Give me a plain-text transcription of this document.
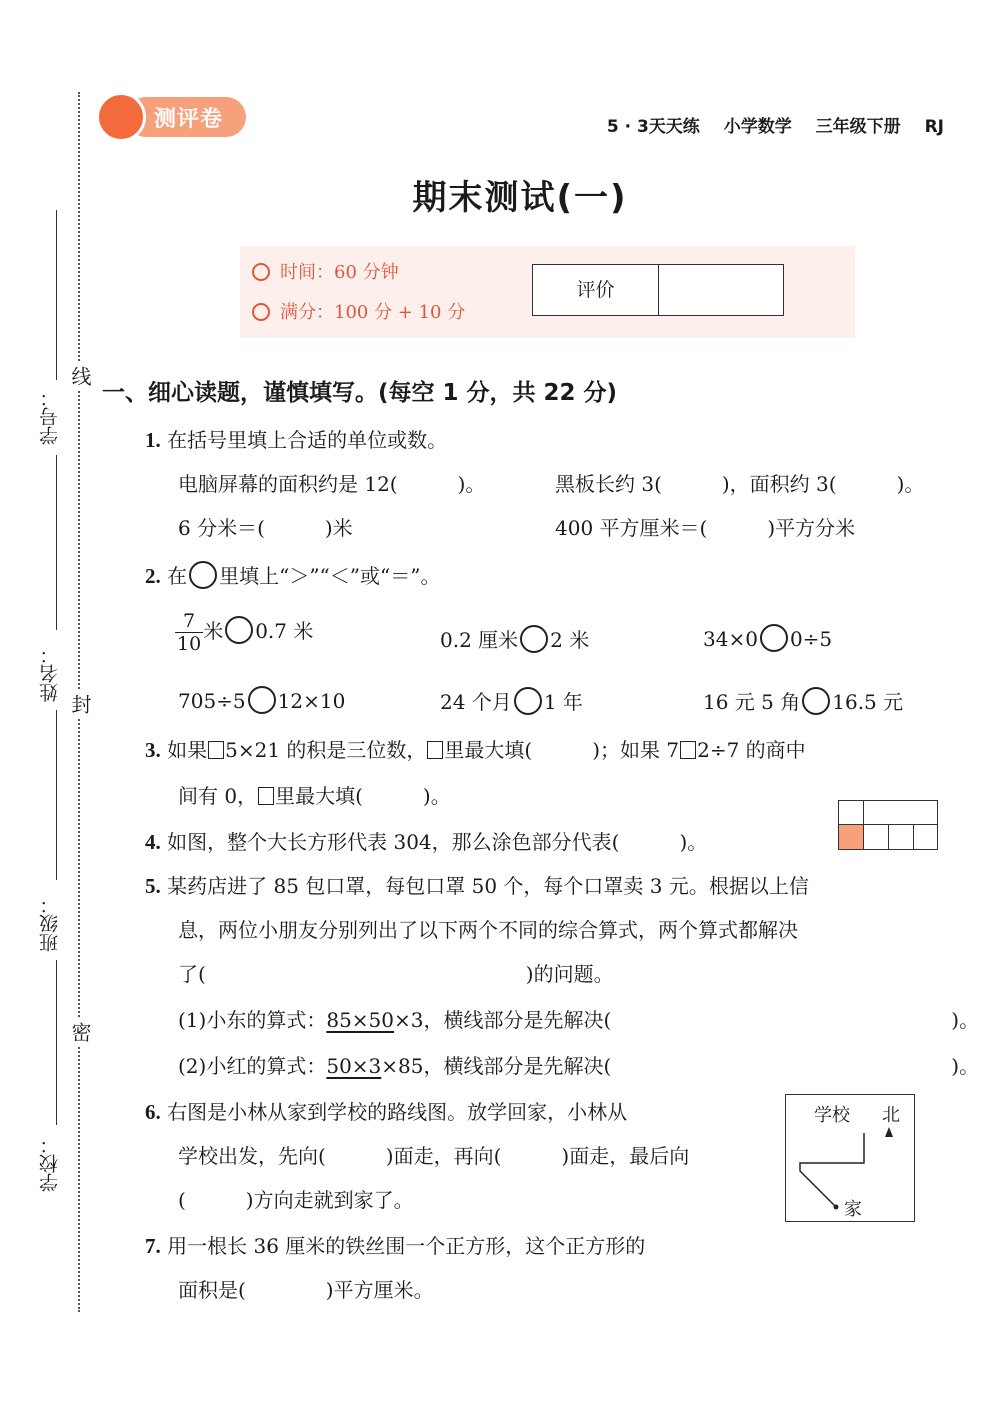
线
封
密
学号：
姓名：
班级：
学校：
测评卷	5 · 3天天练 小学数学 三年级下册 RJ
期末测试(一)
时间：60 分钟
满分：100 分 + 10 分
评价
一、细心读题，谨慎填写。(每空 1 分，共 22 分)
1. 在括号里填上合适的单位或数。
电脑屏幕的面积约是 12(　　　)。	黑板长约 3(　　　)，面积约 3(　　　)。
6 分米＝(　　　)米	400 平方厘米＝(　　　)平方分米
2. 在 里填上“＞”“＜”或“＝”。
$\frac{7}{10}$ 米 0.7 米	0.2 厘米 2 米	34×0 0÷5
705÷5 12×10	24 个月 1 年	16 元 5 角 16.5 元
3. 如果 5×21 的积是三位数， 里最大填(　　　)；如果 7 2÷7 的商中
间有 0， 里最大填(　　　)。
4. 如图，整个大长方形代表 304，那么涂色部分代表(　　　)。
5. 某药店进了 85 包口罩，每包口罩 50 个，每个口罩卖 3 元。根据以上信
息，两位小朋友分别列出了以下两个不同的综合算式，两个算式都解决
了(　　　　　　　　　　　　　　　　)的问题。
(1)小东的算式：85×50×3，横线部分是先解决(　　　　　　　　　　　　　　　　　)。
(2)小红的算式：50×3×85，横线部分是先解决(　　　　　　　　　　　　　　　　　)。
6. 右图是小林从家到学校的路线图。放学回家，小林从
学校出发，先向(　　　)面走，再向(　　　)面走，最后向
(　　　)方向走就到家了。
学校 北
家
7. 用一根长 36 厘米的铁丝围一个正方形，这个正方形的
面积是(　　　　)平方厘米。
